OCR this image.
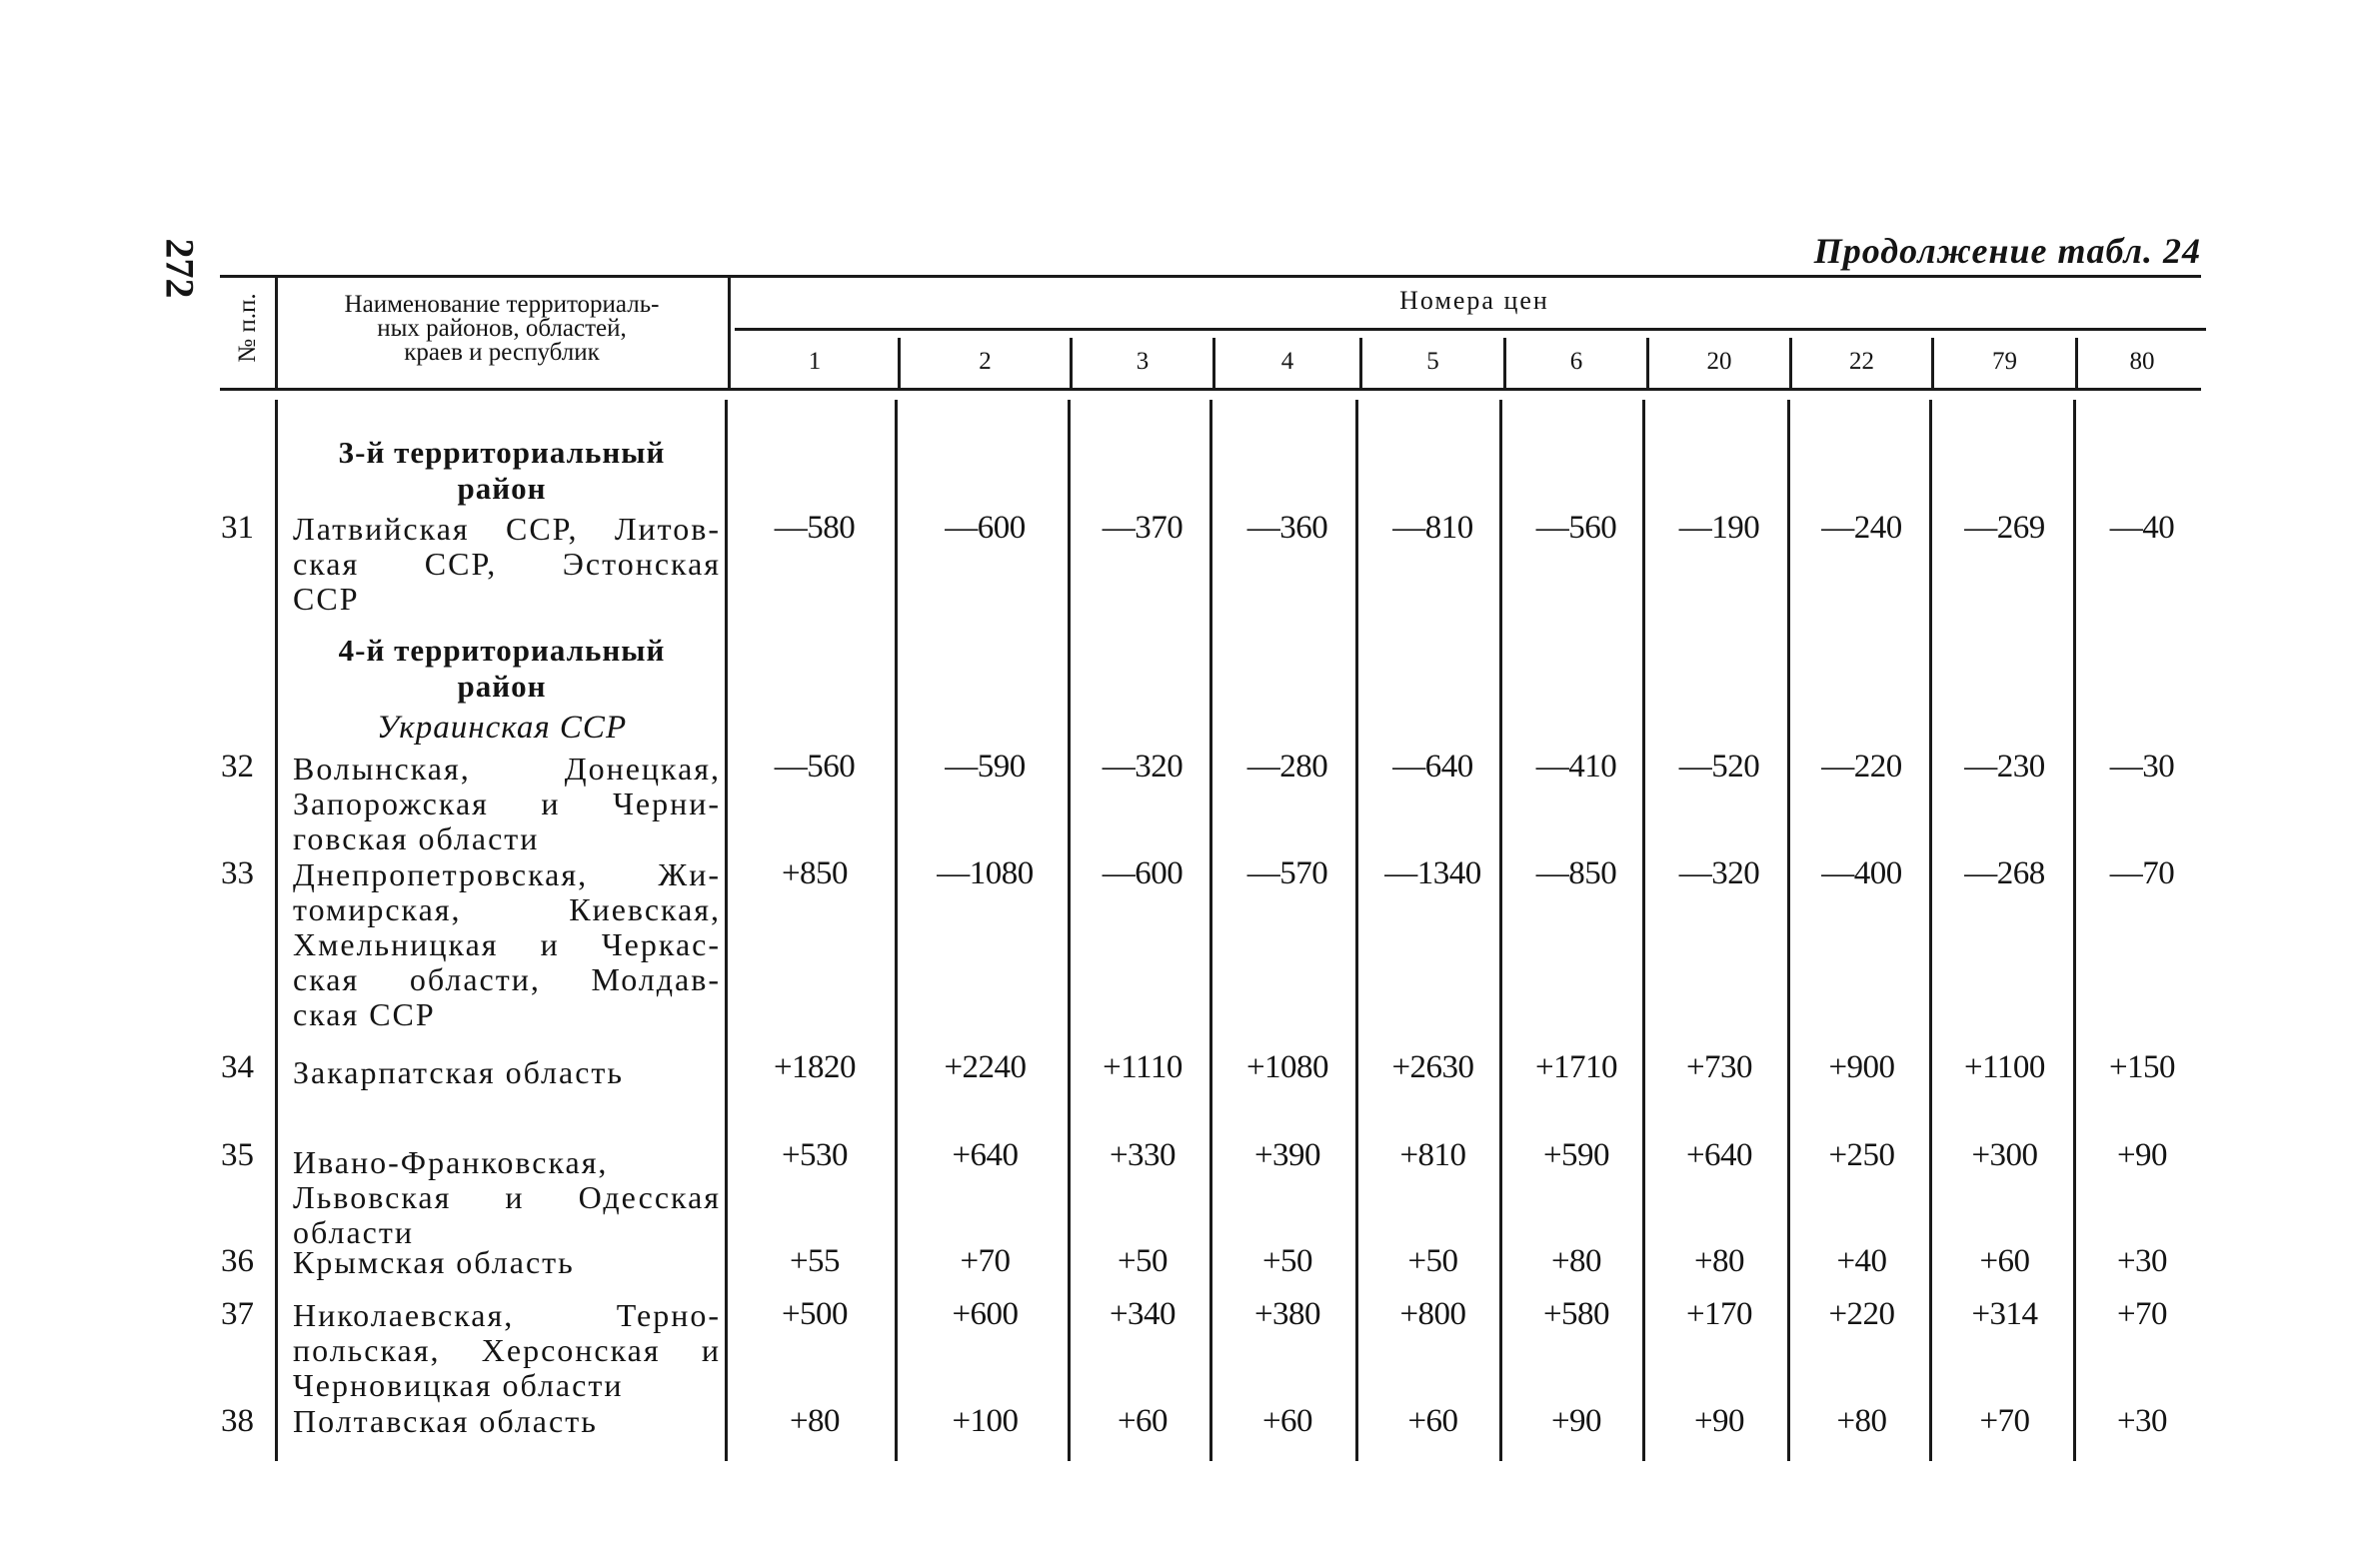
272	Продолжение табл. 24
№ п.п.	Наименование территориаль-
ных районов, областей,
краев и республик
Номера цен
1	2	3	4	5	6	20	22	79	80
3-й территориальный
район
4-й территориальный
район
Украинская ССР
31	Латвийская ССР, Литов-
ская ССР, Эстонская
ССР
—580	—600	—370	—360	—810	—560	—190	—240	—269	—40
32	Волынская, Донецкая,
Запорожская и Черни-
говская области
—560	—590	—320	—280	—640	—410	—520	—220	—230	—30
33	Днепропетровская, Жи-
томирская, Киевская,
Хмельницкая и Черкас-
ская области, Молдав-
ская ССР
+850	—1080	—600	—570	—1340	—850	—320	—400	—268	—70
34	Закарпатская область	+1820	+2240	+1110	+1080	+2630	+1710	+730	+900	+1100	+150
35	Ивано-Франковская,
Львовская и Одесская
области
+530	+640	+330	+390	+810	+590	+640	+250	+300	+90
36	Крымская область	+55	+70	+50	+50	+50	+80	+80	+40	+60	+30
37	Николаевская, Терно-
польская, Херсонская и
Черновицкая области
+500	+600	+340	+380	+800	+580	+170	+220	+314	+70
38	Полтавская область	+80	+100	+60	+60	+60	+90	+90	+80	+70	+30
